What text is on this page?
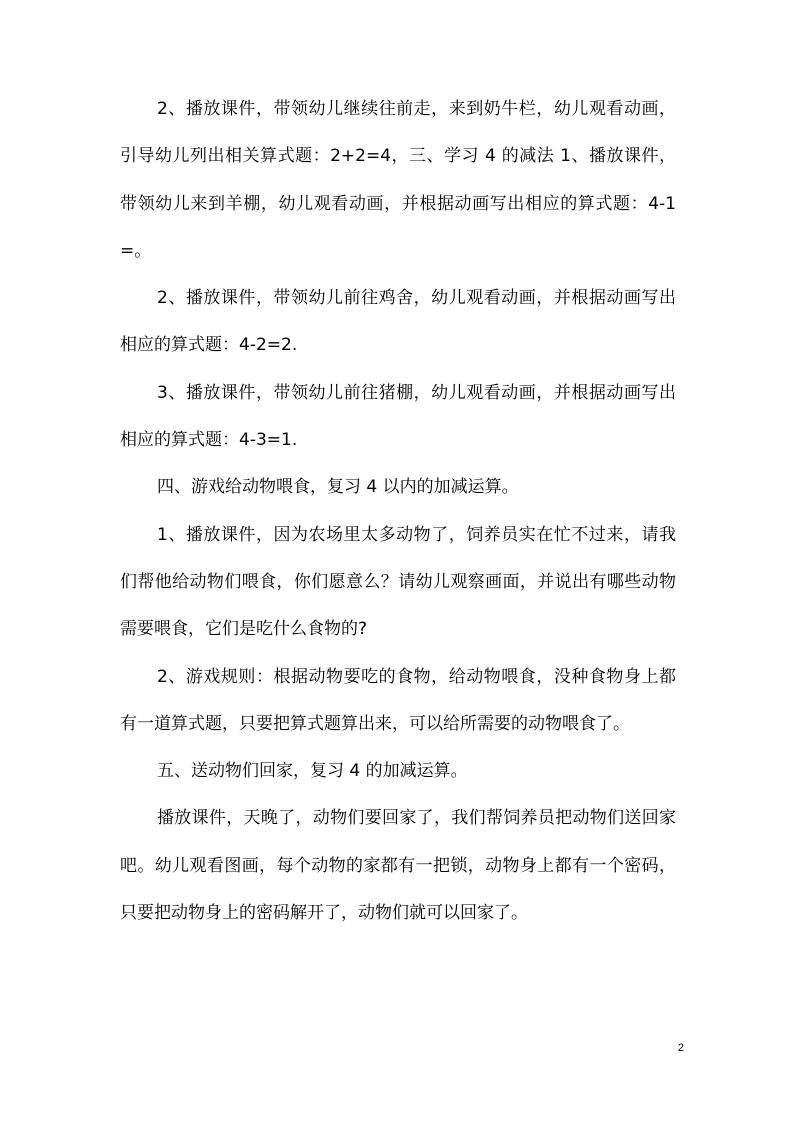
2、播放课件，带领幼儿继续往前走，来到奶牛栏，幼儿观看动画，引导幼儿列出相关算式题：2+2=4，三、学习 4 的减法 1、播放课件，带领幼儿来到羊棚，幼儿观看动画，并根据动画写出相应的算式题：4-1=。

2、播放课件，带领幼儿前往鸡舍，幼儿观看动画，并根据动画写出相应的算式题：4-2=2.

3、播放课件，带领幼儿前往猪棚，幼儿观看动画，并根据动画写出相应的算式题：4-3=1.

四、游戏给动物喂食，复习 4 以内的加减运算。

1、播放课件，因为农场里太多动物了，饲养员实在忙不过来，请我们帮他给动物们喂食，你们愿意么？请幼儿观察画面，并说出有哪些动物需要喂食，它们是吃什么食物的?

2、游戏规则：根据动物要吃的食物，给动物喂食，没种食物身上都有一道算式题，只要把算式题算出来，可以给所需要的动物喂食了。

五、送动物们回家，复习 4 的加减运算。

播放课件，天晚了，动物们要回家了，我们帮饲养员把动物们送回家吧。幼儿观看图画，每个动物的家都有一把锁，动物身上都有一个密码，只要把动物身上的密码解开了，动物们就可以回家了。

2
